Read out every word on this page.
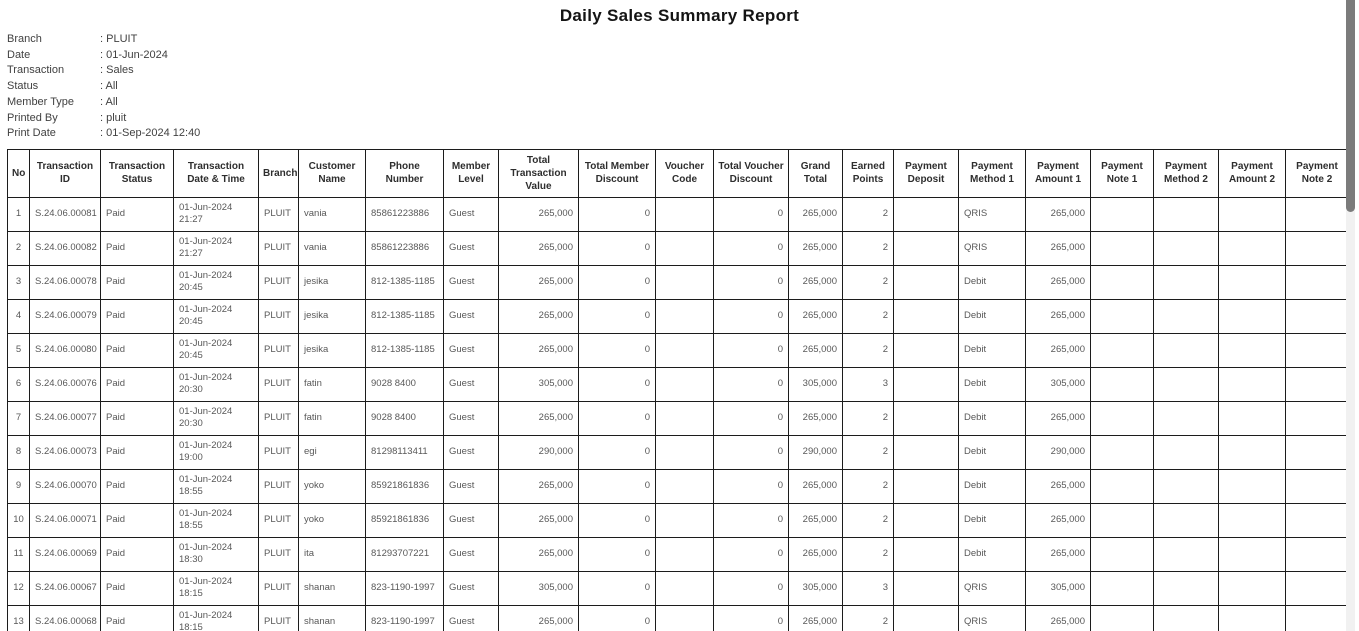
Daily Sales Summary Report
Branch	: PLUIT
Date	: 01-Jun-2024
Transaction	: Sales
Status	: All
Member Type	: All
Printed By	: pluit
Print Date	: 01-Sep-2024 12:40
No	Transaction ID	Transaction Status	Transaction Date & Time	Branch	Customer Name	Phone Number	Member Level	Total Transaction Value	Total Member Discount	Voucher Code	Total Voucher Discount	Grand Total	Earned Points	Payment Deposit	Payment Method 1	Payment Amount 1	Payment Note 1	Payment Method 2	Payment Amount 2	Payment Note 2
1	S.24.06.00081	Paid	01-Jun-2024 21:27	PLUIT	vania	85861223886	Guest	265,000	0		0	265,000	2		QRIS	265,000				
2	S.24.06.00082	Paid	01-Jun-2024 21:27	PLUIT	vania	85861223886	Guest	265,000	0		0	265,000	2		QRIS	265,000				
3	S.24.06.00078	Paid	01-Jun-2024 20:45	PLUIT	jesika	812-1385-1185	Guest	265,000	0		0	265,000	2		Debit	265,000				
4	S.24.06.00079	Paid	01-Jun-2024 20:45	PLUIT	jesika	812-1385-1185	Guest	265,000	0		0	265,000	2		Debit	265,000				
5	S.24.06.00080	Paid	01-Jun-2024 20:45	PLUIT	jesika	812-1385-1185	Guest	265,000	0		0	265,000	2		Debit	265,000				
6	S.24.06.00076	Paid	01-Jun-2024 20:30	PLUIT	fatin	9028 8400	Guest	305,000	0		0	305,000	3		Debit	305,000				
7	S.24.06.00077	Paid	01-Jun-2024 20:30	PLUIT	fatin	9028 8400	Guest	265,000	0		0	265,000	2		Debit	265,000				
8	S.24.06.00073	Paid	01-Jun-2024 19:00	PLUIT	egi	81298113411	Guest	290,000	0		0	290,000	2		Debit	290,000				
9	S.24.06.00070	Paid	01-Jun-2024 18:55	PLUIT	yoko	85921861836	Guest	265,000	0		0	265,000	2		Debit	265,000				
10	S.24.06.00071	Paid	01-Jun-2024 18:55	PLUIT	yoko	85921861836	Guest	265,000	0		0	265,000	2		Debit	265,000				
11	S.24.06.00069	Paid	01-Jun-2024 18:30	PLUIT	ita	81293707221	Guest	265,000	0		0	265,000	2		Debit	265,000				
12	S.24.06.00067	Paid	01-Jun-2024 18:15	PLUIT	shanan	823-1190-1997	Guest	305,000	0		0	305,000	3		QRIS	305,000				
13	S.24.06.00068	Paid	01-Jun-2024 18:15	PLUIT	shanan	823-1190-1997	Guest	265,000	0		0	265,000	2		QRIS	265,000				
